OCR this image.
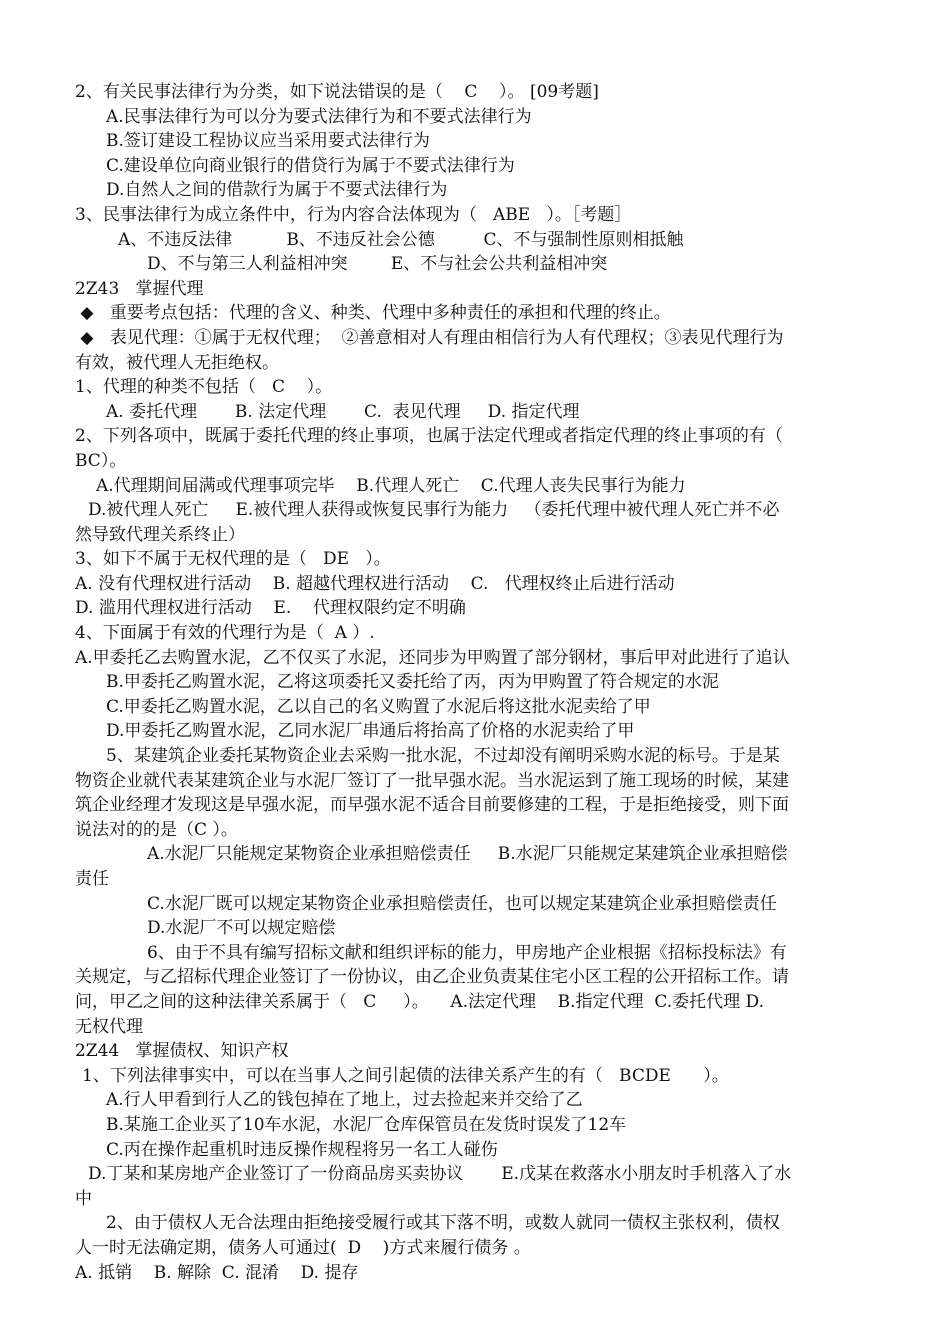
2、有关民事法律行为分类，如下说法错误的是（    C    ）。 [09考题]
A.民事法律行为可以分为要式法律行为和不要式法律行为
B.签订建设工程协议应当采用要式法律行为
C.建设单位向商业银行的借贷行为属于不要式法律行为
D.自然人之间的借款行为属于不要式法律行为
3、民事法律行为成立条件中，行为内容合法体现为（   ABE   ）。［考题］
A、不违反法律          B、不违反社会公德         C、不与强制性原则相抵触
D、不与第三人利益相冲突        E、不与社会公共利益相冲突
2Z43   掌握代理
◆   重要考点包括：代理的含义、种类、代理中多种责任的承担和代理的终止。
◆   表见代理：①属于无权代理；  ②善意相对人有理由相信行为人有代理权；③表见代理行为
有效，被代理人无拒绝权。
1、代理的种类不包括（   C    ）。
A. 委托代理       B. 法定代理       C.  表见代理     D. 指定代理
2、下列各项中，既属于委托代理的终止事项，也属于法定代理或者指定代理的终止事项的有（
BC）。
A.代理期间届满或代理事项完毕    B.代理人死亡    C.代理人丧失民事行为能力
D.被代理人死亡     E.被代理人获得或恢复民事行为能力   （委托代理中被代理人死亡并不必
然导致代理关系终止）
3、如下不属于无权代理的是（   DE   ）。
A. 没有代理权进行活动    B. 超越代理权进行活动    C.   代理权终止后进行活动
D. 滥用代理权进行活动    E.    代理权限约定不明确
4、下面属于有效的代理行为是（  A ）.
A.甲委托乙去购置水泥，乙不仅买了水泥，还同步为甲购置了部分钢材，事后甲对此进行了追认
B.甲委托乙购置水泥，乙将这项委托又委托给了丙，丙为甲购置了符合规定的水泥
C.甲委托乙购置水泥，乙以自己的名义购置了水泥后将这批水泥卖给了甲
D.甲委托乙购置水泥，乙同水泥厂串通后将抬高了价格的水泥卖给了甲
5、某建筑企业委托某物资企业去采购一批水泥，不过却没有阐明采购水泥的标号。于是某
物资企业就代表某建筑企业与水泥厂签订了一批早强水泥。当水泥运到了施工现场的时候，某建
筑企业经理才发现这是早强水泥，而早强水泥不适合目前要修建的工程，于是拒绝接受，则下面
说法对的的是（C ）。
A.水泥厂只能规定某物资企业承担赔偿责任     B.水泥厂只能规定某建筑企业承担赔偿
责任
C.水泥厂既可以规定某物资企业承担赔偿责任，也可以规定某建筑企业承担赔偿责任
D.水泥厂不可以规定赔偿
6、由于不具有编写招标文献和组织评标的能力，甲房地产企业根据《招标投标法》有
关规定，与乙招标代理企业签订了一份协议，由乙企业负责某住宅小区工程的公开招标工作。请
问，甲乙之间的这种法律关系属于（   C     ）。    A.法定代理    B.指定代理  C.委托代理 D.
无权代理
2Z44   掌握债权、知识产权
1、下列法律事实中，可以在当事人之间引起债的法律关系产生的有（   BCDE      ）。
A.行人甲看到行人乙的钱包掉在了地上，过去捡起来并交给了乙
B.某施工企业买了10车水泥，水泥厂仓库保管员在发货时误发了12车
C.丙在操作起重机时违反操作规程将另一名工人碰伤
D.丁某和某房地产企业签订了一份商品房买卖协议       E.戊某在救落水小朋友时手机落入了水
中
2、由于债权人无合法理由拒绝接受履行或其下落不明，或数人就同一债权主张权利，债权
人一时无法确定期，债务人可通过(  D    )方式来履行债务 。
A. 抵销    B. 解除  C. 混淆    D. 提存
